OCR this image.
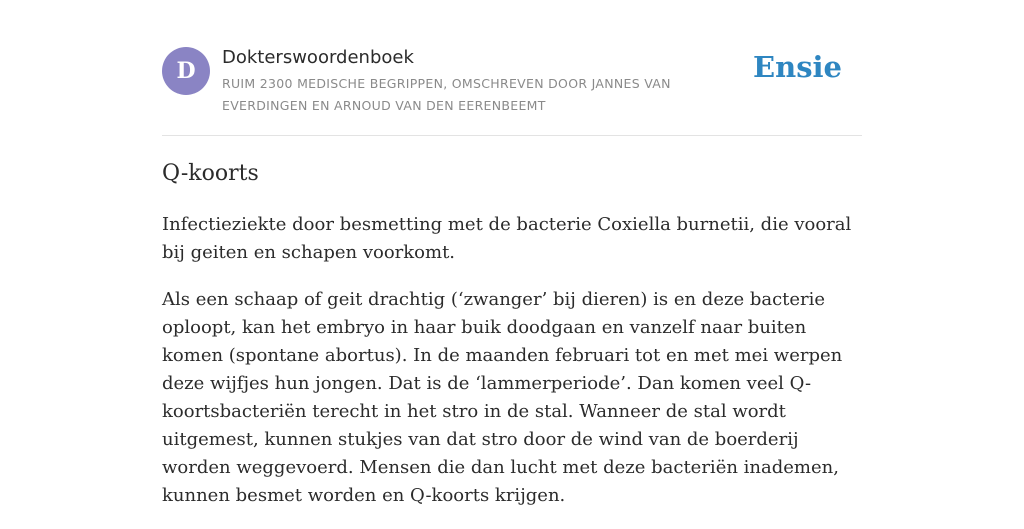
D
Dokterswoordenboek
RUIM 2300 MEDISCHE BEGRIPPEN, OMSCHREVEN DOOR JANNES VAN EVERDINGEN EN ARNOUD VAN DEN EERENBEEMT
Ensie
Q-koorts

Infectieziekte door besmetting met de bacterie Coxiella burnetii, die vooral bij geiten en schapen voorkomt.

Als een schaap of geit drachtig (‘zwanger’ bij dieren) is en deze bacterie oploopt, kan het embryo in haar buik doodgaan en vanzelf naar buiten komen (spontane abortus). In de maanden februari tot en met mei werpen deze wijfjes hun jongen. Dat is de ‘lammerperiode’. Dan komen veel Q-koortsbacteriën terecht in het stro in de stal. Wanneer de stal wordt uitgemest, kunnen stukjes van dat stro door de wind van de boerderij worden weggevoerd. Mensen die dan lucht met deze bacteriën inademen, kunnen besmet worden en Q-koorts krijgen.
